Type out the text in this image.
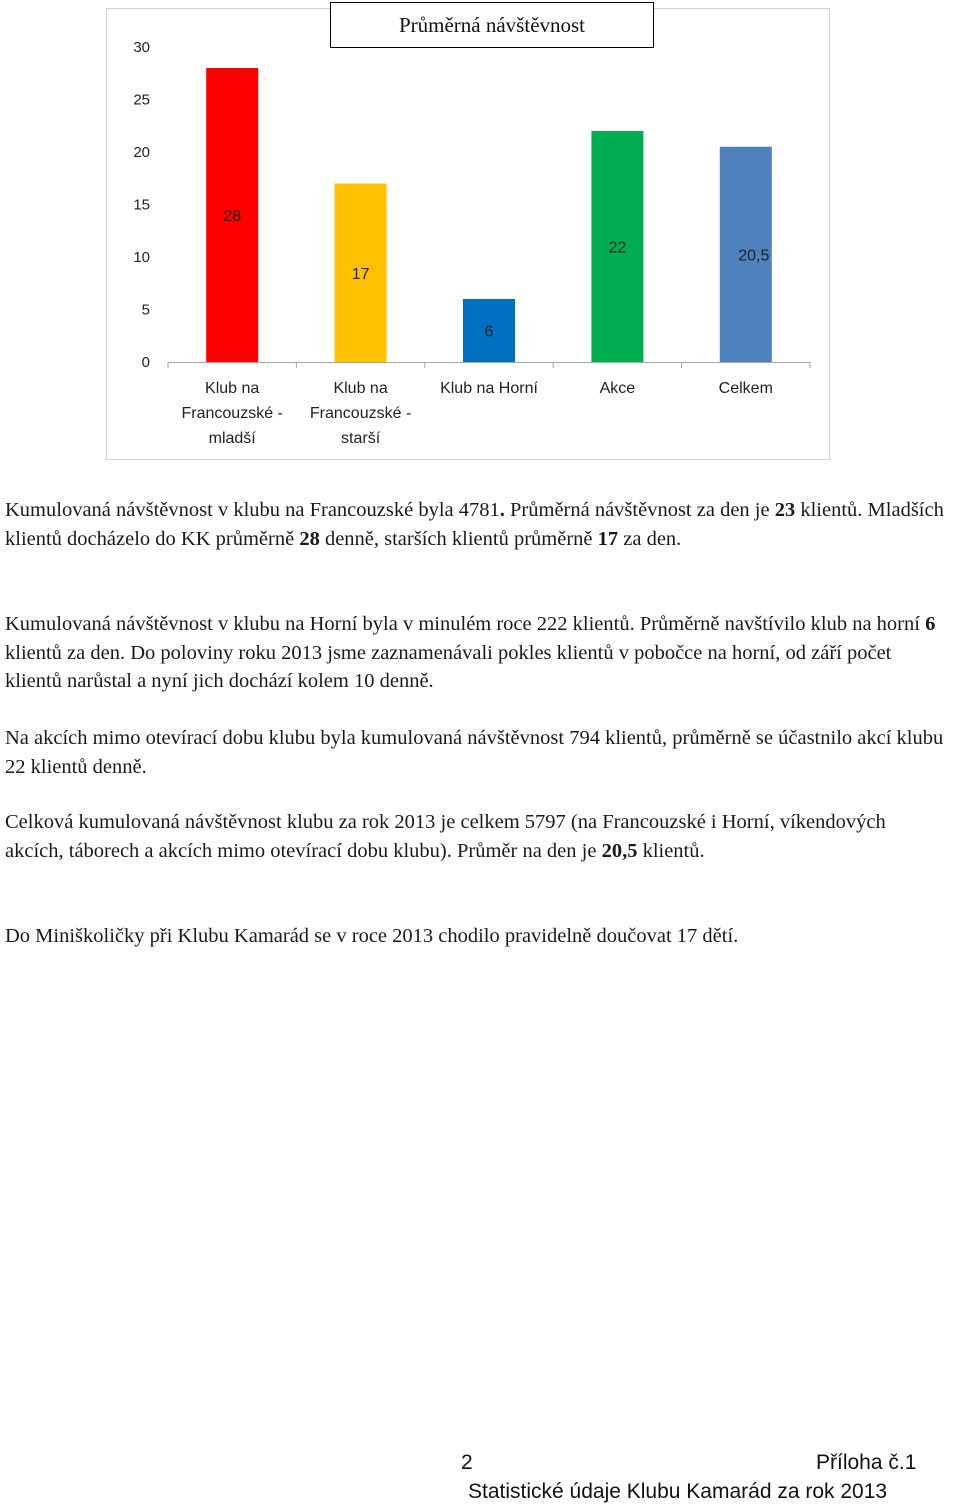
Průměrná návštěvnost
0
5
10
15
20
25
30
28
17
6
22	20,5
Klub na
Francouzské -
mladší
Klub na
Francouzské -
starší
Klub na Horní	Akce	Celkem

Kumulovaná návštěvnost v klubu na Francouzské byla 4781. Průměrná návštěvnost za den je 23 klientů. Mladších klientů docházelo do KK průměrně 28 denně, starších klientů průměrně 17 za den.

Kumulovaná návštěvnost v klubu na Horní byla v minulém roce 222 klientů. Průměrně navštívilo klub na horní 6 klientů za den. Do poloviny roku 2013 jsme zaznamenávali pokles klientů v pobočce na horní, od září počet klientů narůstal a nyní jich dochází kolem 10 denně.

Na akcích mimo otevírací dobu klubu byla kumulovaná návštěvnost 794 klientů, průměrně se účastnilo akcí klubu 22 klientů denně.

Celková kumulovaná návštěvnost klubu za rok 2013 je celkem 5797 (na Francouzské i Horní, víkendových akcích, táborech a akcích mimo otevírací dobu klubu). Průměr na den je 20,5 klientů.

Do Miniškoličky při Klubu Kamarád se v roce 2013 chodilo pravidelně doučovat 17 dětí.

2	Příloha č.1
Statistické údaje Klubu Kamarád za rok 2013
